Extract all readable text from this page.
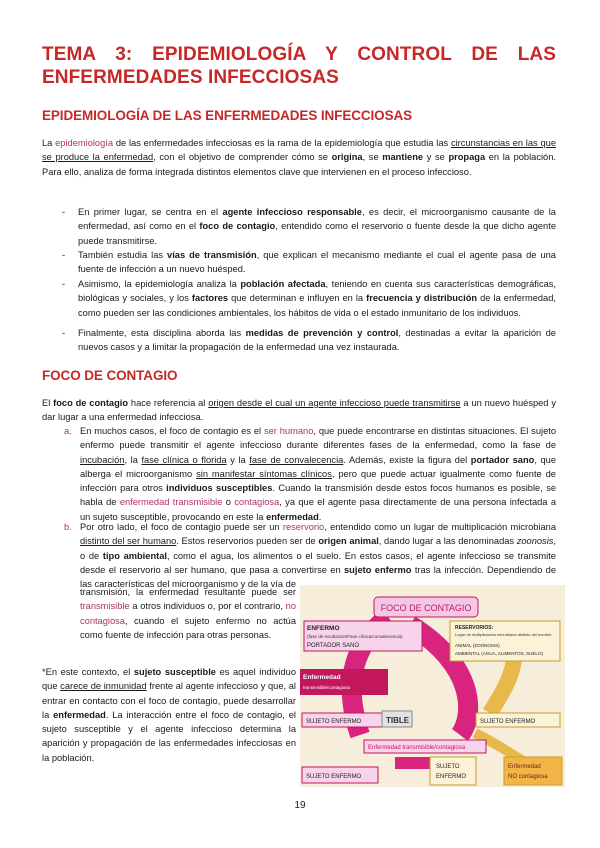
TEMA 3: EPIDEMIOLOGÍA Y CONTROL DE LAS ENFERMEDADES INFECCIOSAS
EPIDEMIOLOGÍA DE LAS ENFERMEDADES INFECCIOSAS

La epidemiología de las enfermedades infecciosas es la rama de la epidemiología que estudia las circunstancias en las que se produce la enfermedad, con el objetivo de comprender cómo se origina, se mantiene y se propaga en la población. Para ello, analiza de forma integrada distintos elementos clave que intervienen en el proceso infeccioso.

- En primer lugar, se centra en el agente infeccioso responsable, es decir, el microorganismo causante de la enfermedad, así como en el foco de contagio, entendido como el reservorio o fuente desde la que dicho agente puede transmitirse.

- También estudia las vías de transmisión, que explican el mecanismo mediante el cual el agente pasa de una fuente de infección a un nuevo huésped.

- Asimismo, la epidemiología analiza la población afectada, teniendo en cuenta sus características demográficas, biológicas y sociales, y los factores que determinan e influyen en la frecuencia y distribución de la enfermedad, como pueden ser las condiciones ambientales, los hábitos de vida o el estado inmunitario de los individuos.

- Finalmente, esta disciplina aborda las medidas de prevención y control, destinadas a evitar la aparición de nuevos casos y a limitar la propagación de la enfermedad una vez instaurada.

FOCO DE CONTAGIO

El foco de contagio hace referencia al origen desde el cual un agente infeccioso puede transmitirse a un nuevo huésped y dar lugar a una enfermedad infecciosa.

a. En muchos casos, el foco de contagio es el ser humano, que puede encontrarse en distintas situaciones. El sujeto enfermo puede transmitir el agente infeccioso durante diferentes fases de la enfermedad, como la fase de incubación, la fase clínica o florida y la fase de convalecencia. Además, existe la figura del portador sano, que alberga el microorganismo sin manifestar síntomas clínicos, pero que puede actuar igualmente como fuente de infección para otros individuos susceptibles. Cuando la transmisión desde estos focos humanos es posible, se habla de enfermedad transmisible o contagiosa, ya que el agente pasa directamente de una persona infectada a un sujeto susceptible, provocando en este la enfermedad.

b. Por otro lado, el foco de contagio puede ser un reservorio, entendido como un lugar de multiplicación microbiana distinto del ser humano. Estos reservorios pueden ser de origen animal, dando lugar a las denominadas zoonosis, o de tipo ambiental, como el agua, los alimentos o el suelo. En estos casos, el agente infeccioso se transmite desde el reservorio al ser humano, que pasa a convertirse en sujeto enfermo tras la infección. Dependiendo de las características del microorganismo y de la vía de

transmisión, la enfermedad resultante puede ser transmisible a otros individuos o, por el contrario, no contagiosa, cuando el sujeto enfermo no actúa como fuente de infección para otras personas.

*En este contexto, el sujeto susceptible es aquel individuo que carece de inmunidad frente al agente infeccioso y que, al entrar en contacto con el foco de contagio, puede desarrollar la enfermedad. La interacción entre el foco de contagio, el sujeto susceptible y el agente infeccioso determina la aparición y propagación de las enfermedades infecciosas en la población.

FOCO DE CONTAGIO
ENFERMO
(fase de incubación/Fase clínica/convalecencia)
PORTADOR SANO
RESERVORIOS:
Lugar de multiplicación microbiana distinto del hombre
ANIMAL (ZOONOSIS)
AMBIENTAL (AGUA, ALIMENTOS, SUELO)
Enfermedad
transmisible/contagiosa
SUJETO ENFERMO	TIBLE	SUJETO ENFERMO
Enfermedad transmisible/contagiosa
SUJETO ENFERMO
SUJETO
ENFERMO
Enfermedad
NO contagiosa
19
